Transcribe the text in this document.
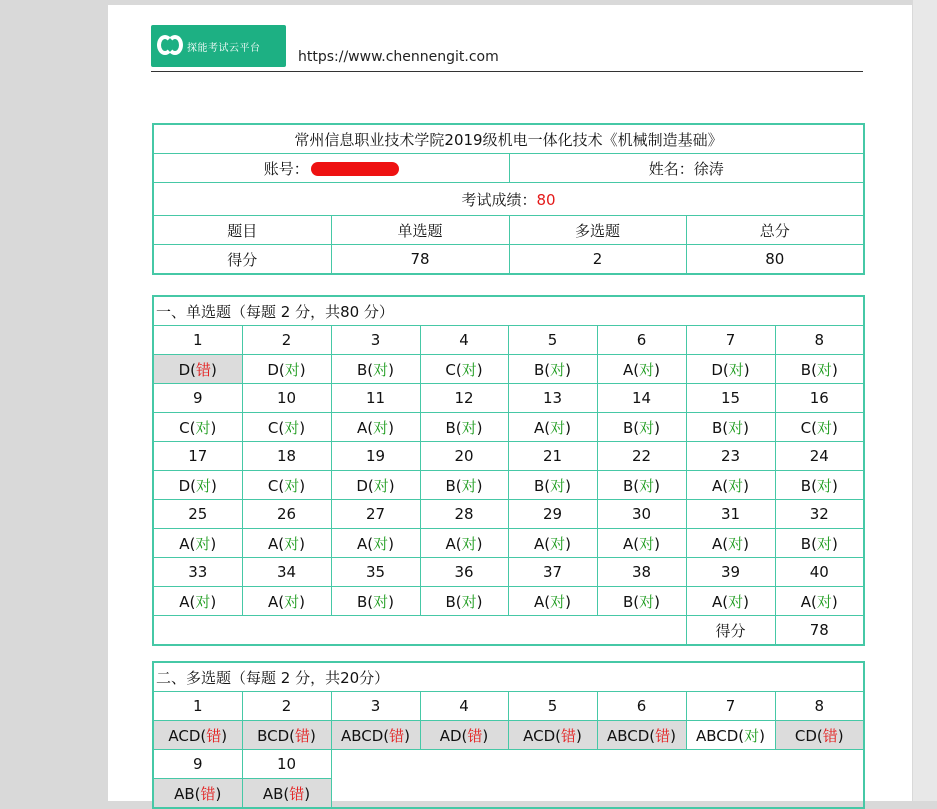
探能考试云平台
https://www.chennengit.com
常州信息职业技术学院2019级机电一体化技术《机械制造基础》			
账号：		姓名：徐涛	
考试成绩：80			
题目	单选题	多选题	总分
得分	78	2	80
一、单选题（每题 2 分，共80 分）							
1	2	3	4	5	6	7	8
D(错)	D(对)	B(对)	C(对)	B(对)	A(对)	D(对)	B(对)
9	10	11	12	13	14	15	16
C(对)	C(对)	A(对)	B(对)	A(对)	B(对)	B(对)	C(对)
17	18	19	20	21	22	23	24
D(对)	C(对)	D(对)	B(对)	B(对)	B(对)	A(对)	B(对)
25	26	27	28	29	30	31	32
A(对)	A(对)	A(对)	A(对)	A(对)	A(对)	A(对)	B(对)
33	34	35	36	37	38	39	40
A(对)	A(对)	B(对)	B(对)	A(对)	B(对)	A(对)	A(对)
						得分	78
二、多选题（每题 2 分，共20分）							
1	2	3	4	5	6	7	8
ACD(错)	BCD(错)	ABCD(错)	AD(错)	ACD(错)	ABCD(错)	ABCD(对)	CD(错)
9	10						
AB(错)	AB(错)						
